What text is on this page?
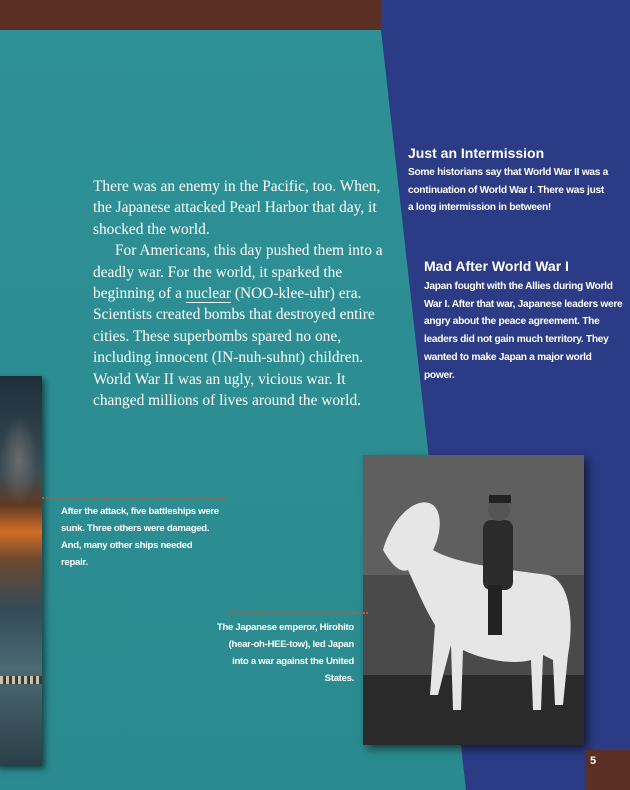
There was an enemy in the Pacific, too. When, the Japanese attacked Pearl Harbor that day, it shocked the world.

For Americans, this day pushed them into a deadly war. For the world, it sparked the beginning of a nuclear (NOO-klee-uhr) era. Scientists created bombs that destroyed entire cities. These superbombs spared no one, including innocent (IN-nuh-suhnt) children. World War II was an ugly, vicious war. It changed millions of lives around the world.

Just an Intermission
Some historians say that World War II was a continuation of World War I. There was just a long intermission in between!
Mad After World War I
Japan fought with the Allies during World War I. After that war, Japanese leaders were angry about the peace agreement. The leaders did not gain much territory. They wanted to make Japan a major world power.
After the attack, five battleships were sunk. Three others were damaged. And, many other ships needed repair.
The Japanese emperor, Hirohito (hear-oh-HEE-tow), led Japan into a war against the United States.
5
